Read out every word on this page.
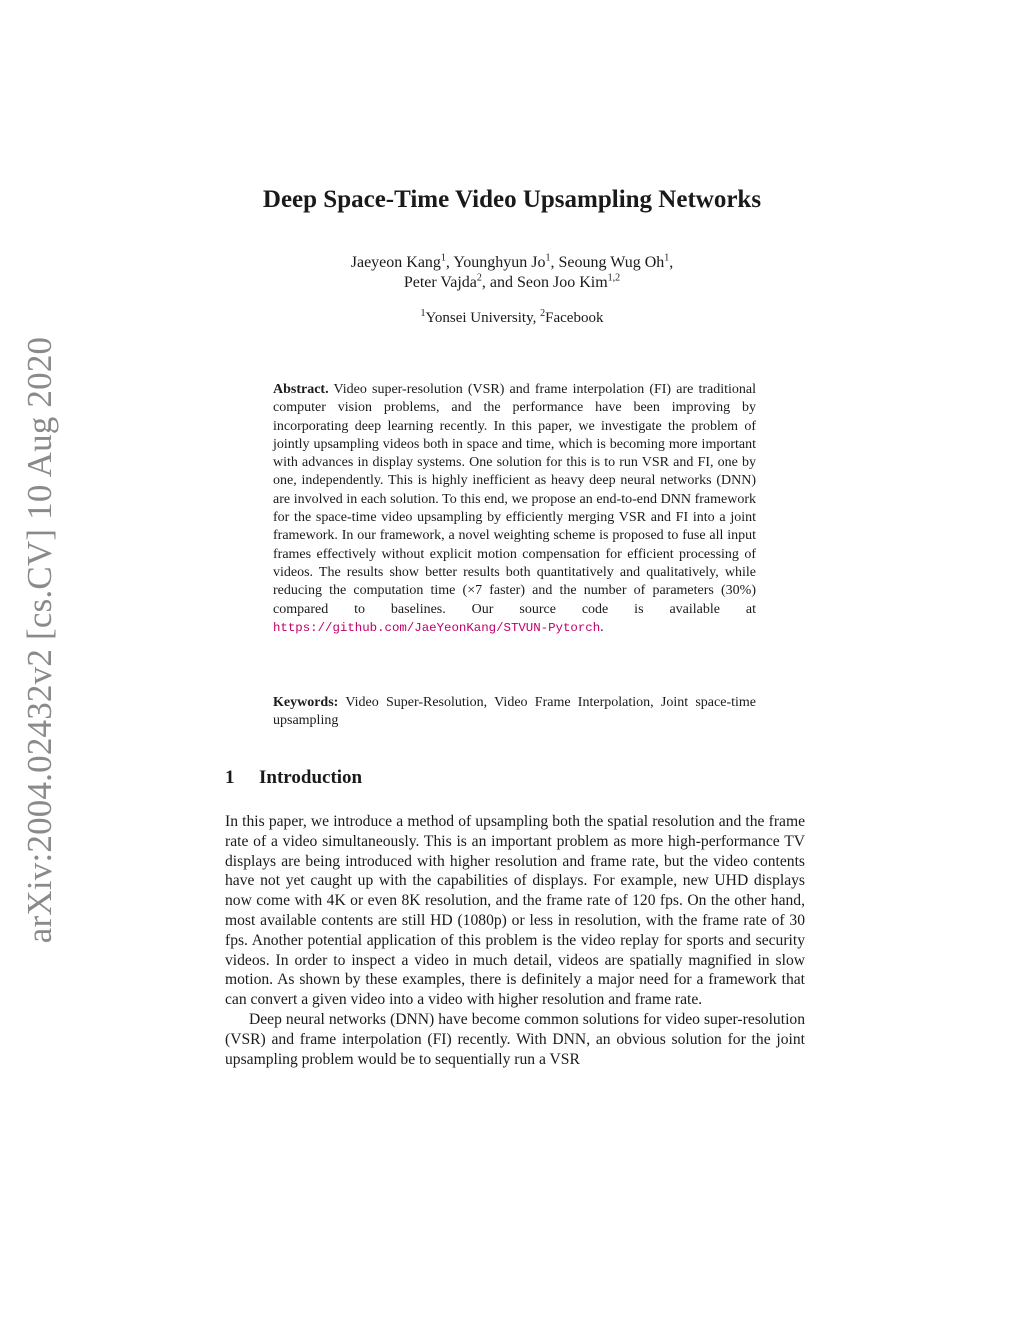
arXiv:2004.02432v2 [cs.CV] 10 Aug 2020
Deep Space-Time Video Upsampling Networks
Jaeyeon Kang$^1$, Younghyun Jo$^1$, Seoung Wug Oh$^1$,
Peter Vajda$^2$, and Seon Joo Kim$^{1,2}$
$^1$Yonsei University, $^2$Facebook
Abstract. Video super-resolution (VSR) and frame interpolation (FI) are traditional computer vision problems, and the performance have been improving by incorporating deep learning recently. In this paper, we investigate the problem of jointly upsampling videos both in space and time, which is becoming more important with advances in display systems. One solution for this is to run VSR and FI, one by one, independently. This is highly inefficient as heavy deep neural networks (DNN) are involved in each solution. To this end, we propose an end-to-end DNN framework for the space-time video upsampling by efficiently merging VSR and FI into a joint framework. In our framework, a novel weighting scheme is proposed to fuse all input frames effectively without explicit motion compensation for efficient processing of videos. The results show better results both quantitatively and qualitatively, while reducing the computation time (×7 faster) and the number of parameters (30%) compared to baselines. Our source code is available at https://github.com/JaeYeonKang/STVUN-Pytorch.
Keywords: Video Super-Resolution, Video Frame Interpolation, Joint space-time upsampling
1 Introduction

In this paper, we introduce a method of upsampling both the spatial resolution and the frame rate of a video simultaneously. This is an important problem as more high-performance TV displays are being introduced with higher resolution and frame rate, but the video contents have not yet caught up with the capabilities of displays. For example, new UHD displays now come with 4K or even 8K resolution, and the frame rate of 120 fps. On the other hand, most available contents are still HD (1080p) or less in resolution, with the frame rate of 30 fps. Another potential application of this problem is the video replay for sports and security videos. In order to inspect a video in much detail, videos are spatially magnified in slow motion. As shown by these examples, there is definitely a major need for a framework that can convert a given video into a video with higher resolution and frame rate.

Deep neural networks (DNN) have become common solutions for video super-resolution (VSR) and frame interpolation (FI) recently. With DNN, an obvious solution for the joint upsampling problem would be to sequentially run a VSR
